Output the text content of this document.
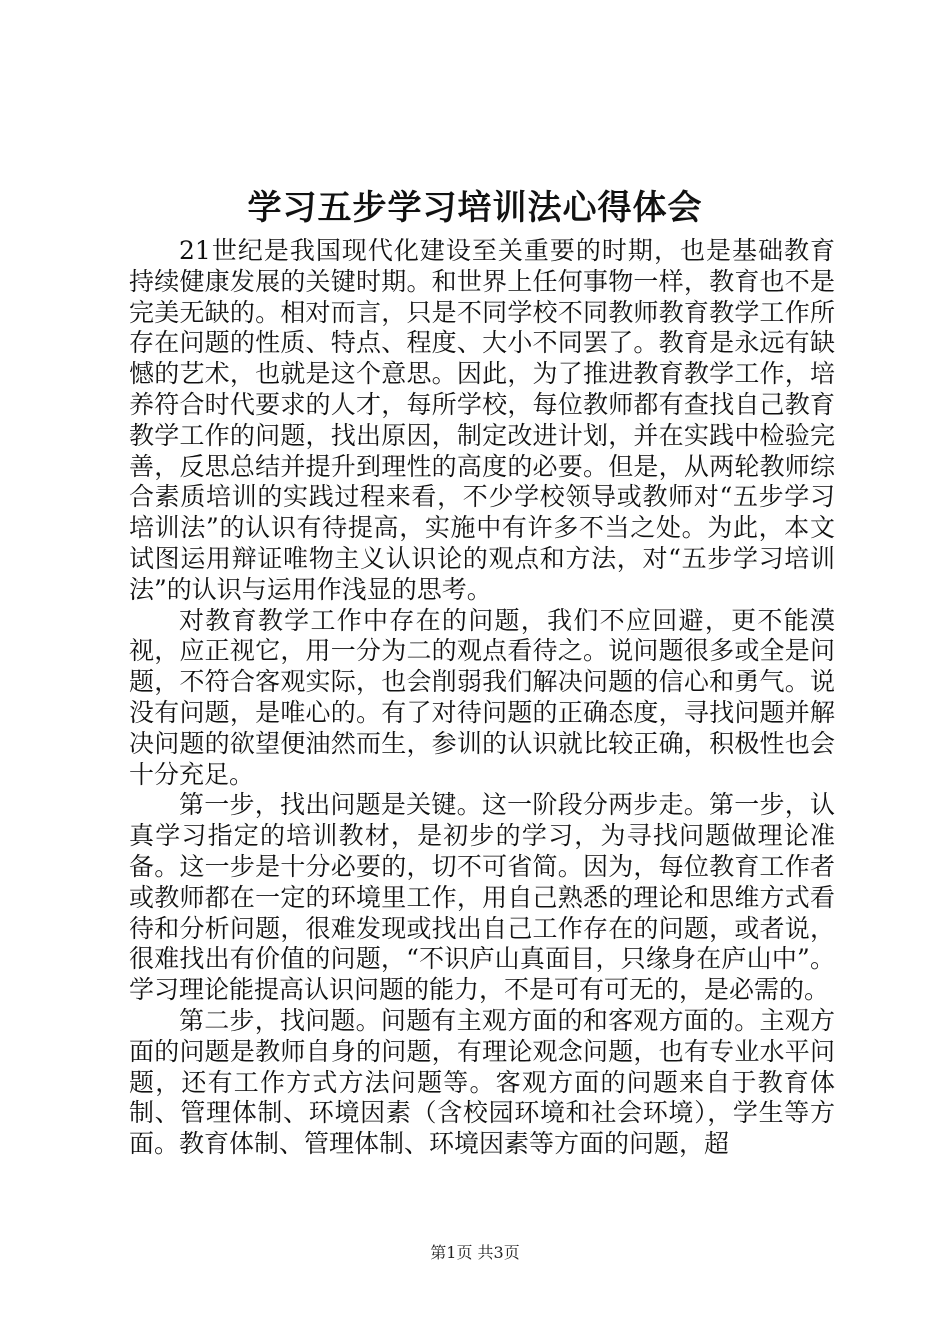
学习五步学习培训法心得体会

21世纪是我国现代化建设至关重要的时期，也是基础教育持续健康发展的关键时期。和世界上任何事物一样，教育也不是完美无缺的。相对而言，只是不同学校不同教师教育教学工作所存在问题的性质、特点、程度、大小不同罢了。教育是永远有缺憾的艺术，也就是这个意思。因此，为了推进教育教学工作，培养符合时代要求的人才，每所学校，每位教师都有查找自己教育教学工作的问题，找出原因，制定改进计划，并在实践中检验完善，反思总结并提升到理性的高度的必要。但是，从两轮教师综合素质培训的实践过程来看，不少学校领导或教师对“五步学习培训法”的认识有待提高，实施中有许多不当之处。为此，本文试图运用辩证唯物主义认识论的观点和方法，对“五步学习培训法”的认识与运用作浅显的思考。

对教育教学工作中存在的问题，我们不应回避，更不能漠视，应正视它，用一分为二的观点看待之。说问题很多或全是问题，不符合客观实际，也会削弱我们解决问题的信心和勇气。说没有问题，是唯心的。有了对待问题的正确态度，寻找问题并解决问题的欲望便油然而生，参训的认识就比较正确，积极性也会十分充足。

第一步，找出问题是关键。这一阶段分两步走。第一步，认真学习指定的培训教材，是初步的学习，为寻找问题做理论准备。这一步是十分必要的，切不可省简。因为，每位教育工作者或教师都在一定的环境里工作，用自己熟悉的理论和思维方式看待和分析问题，很难发现或找出自己工作存在的问题，或者说，很难找出有价值的问题，“不识庐山真面目，只缘身在庐山中”。学习理论能提高认识问题的能力，不是可有可无的，是必需的。

第二步，找问题。问题有主观方面的和客观方面的。主观方面的问题是教师自身的问题，有理论观念问题，也有专业水平问题，还有工作方式方法问题等。客观方面的问题来自于教育体制、管理体制、环境因素（含校园环境和社会环境），学生等方面。教育体制、管理体制、环境因素等方面的问题，超

第1页 共3页
